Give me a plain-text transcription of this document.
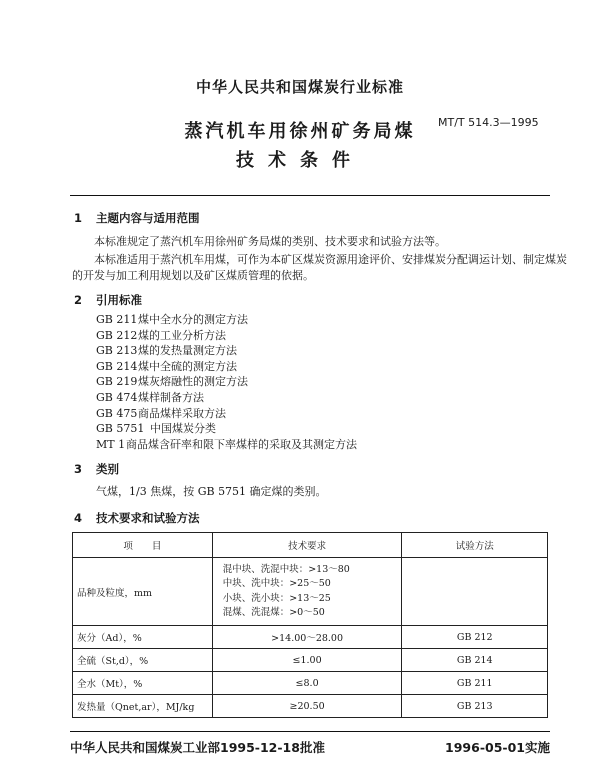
中华人民共和国煤炭行业标准
蒸汽机车用徐州矿务局煤	MT/T 514.3—1995
技术条件
1 主题内容与适用范围
本标准规定了蒸汽机车用徐州矿务局煤的类别、技术要求和试验方法等。
本标准适用于蒸汽机车用煤，可作为本矿区煤炭资源用途评价、安排煤炭分配调运计划、制定煤炭
的开发与加工利用规划以及矿区煤质管理的依据。
2 引用标准
GB 211煤中全水分的测定方法
GB 212煤的工业分析方法
GB 213煤的发热量测定方法
GB 214煤中全硫的测定方法
GB 219煤灰熔融性的测定方法
GB 474煤样制备方法
GB 475商品煤样采取方法
GB 5751 中国煤炭分类
MT 1商品煤含矸率和限下率煤样的采取及其测定方法
3 类别
气煤，1/3 焦煤，按 GB 5751 确定煤的类别。
4 技术要求和试验方法
项　　目	技术要求	试验方法
品种及粒度，mm	混中块、洗混中块：>13～80
中块、洗中块：>25～50
小块、洗小块：>13～25
混煤、洗混煤：>0～50	

灰分（Ad），%	>14.00～28.00	GB 212
全硫（St,d），%	≤1.00	GB 214
全水（Mt），%	≤8.0	GB 211
发热量（Qnet,ar），MJ/kg	≥20.50	GB 213
中华人民共和国煤炭工业部1995-12-18批准	1996-05-01实施
